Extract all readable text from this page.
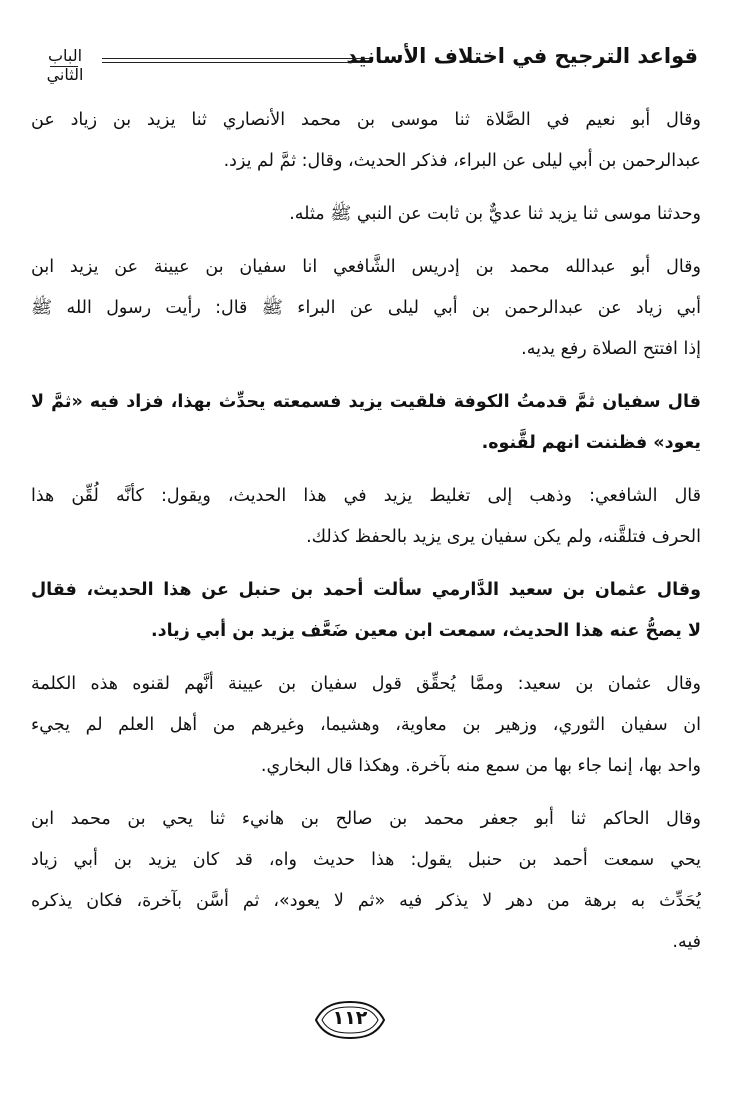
قواعد الترجيح في اختلاف الأسانيد
الباب الثاني

وقال أبو نعيم في الصَّلاة ثنا موسى بن محمد الأنصاري ثنا يزيد بن زياد عن
عبدالرحمن بن أبي ليلى عن البراء، فذكر الحديث، وقال: ثمَّ لم يزد.

وحدثنا موسى ثنا يزيد ثنا عديٌّ بن ثابت عن النبي ﷺ مثله.

وقال أبو عبدالله محمد بن إدريس الشَّافعي انا سفيان بن عيينة عن يزيد ابن
أبي زياد عن عبدالرحمن بن أبي ليلى عن البراء ﷺ قال: رأيت رسول الله ﷺ
إذا افتتح الصلاة رفع يديه.

قال سفيان ثمَّ قدمتُ الكوفة فلقيت يزيد فسمعته يحدِّث بهذا، فزاد فيه «ثمَّ لا
يعود» فظننت انهم لقَّنوه.

قال الشافعي: وذهب إلى تغليط يزيد في هذا الحديث، ويقول: كأنَّه لُقِّن هذا
الحرف فتلقَّنه، ولم يكن سفيان يرى يزيد بالحفظ كذلك.

وقال عثمان بن سعيد الدَّارمي سألت أحمد بن حنبل عن هذا الحديث، فقال
لا يصحُّ عنه هذا الحديث، سمعت ابن معين ضَعَّف يزيد بن أبي زياد.

وقال عثمان بن سعيد: وممَّا يُحقِّق قول سفيان بن عيينة أنَّهم لقنوه هذه الكلمة
ان سفيان الثوري، وزهير بن معاوية، وهشيما، وغيرهم من أهل العلم لم يجيء
واحد بها، إنما جاء بها من سمع منه بآخرة. وهكذا قال البخاري.

وقال الحاكم ثنا أبو جعفر محمد بن صالح بن هانيء ثنا يحي بن محمد ابن
يحي سمعت أحمد بن حنبل يقول: هذا حديث واه، قد كان يزيد بن أبي زياد
يُحَدِّث به برهة من دهر لا يذكر فيه «ثم لا يعود»، ثم أسَّن بآخرة، فكان يذكره
فيه.

١١٢
